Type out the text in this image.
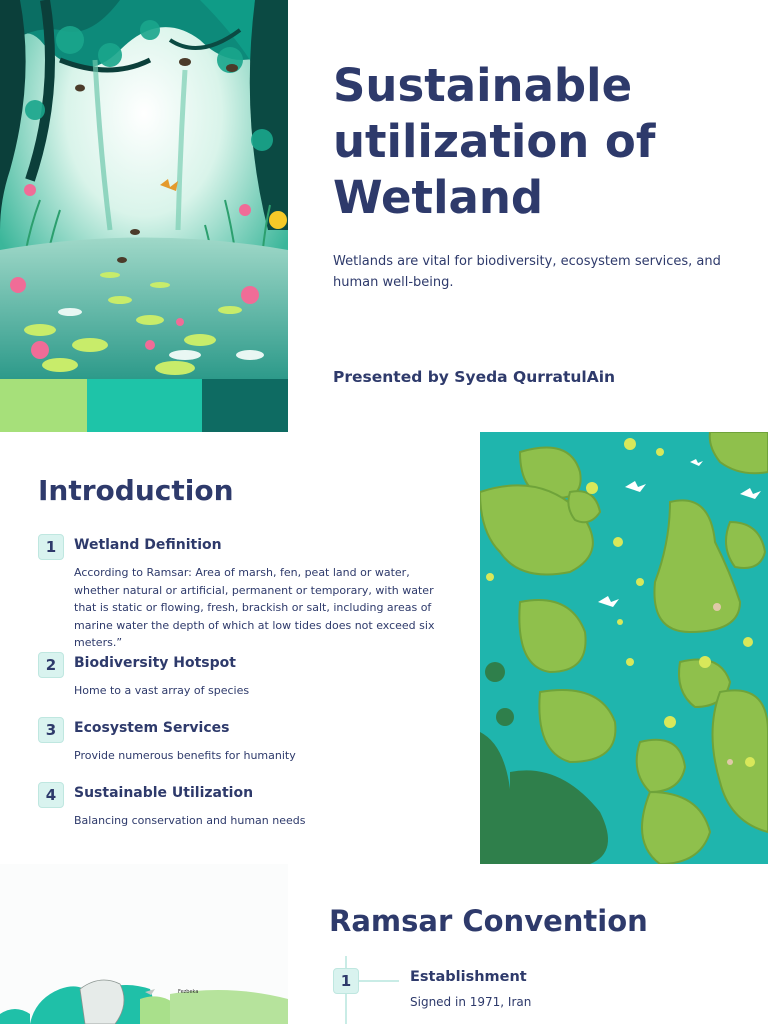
Sustainable utilization of Wetland

Wetlands are vital for biodiversity, ecosystem services, and human well-being.

Presented by Syeda QurratulAin

Introduction
1	Wetland Definition
According to Ramsar: Area of marsh, fen, peat land or water, whether natural or artificial, permanent or temporary, with water that is static or flowing, fresh, brackish or salt, including areas of marine water the depth of which at low tides does not exceed six meters.”
2	Biodiversity Hotspot
Home to a vast array of species
3	Ecosystem Services
Provide numerous benefits for humanity
4	Sustainable Utilization
Balancing conservation and human needs
Fezbeka
Ramsar Convention
1	Establishment
Signed in 1971, Iran
